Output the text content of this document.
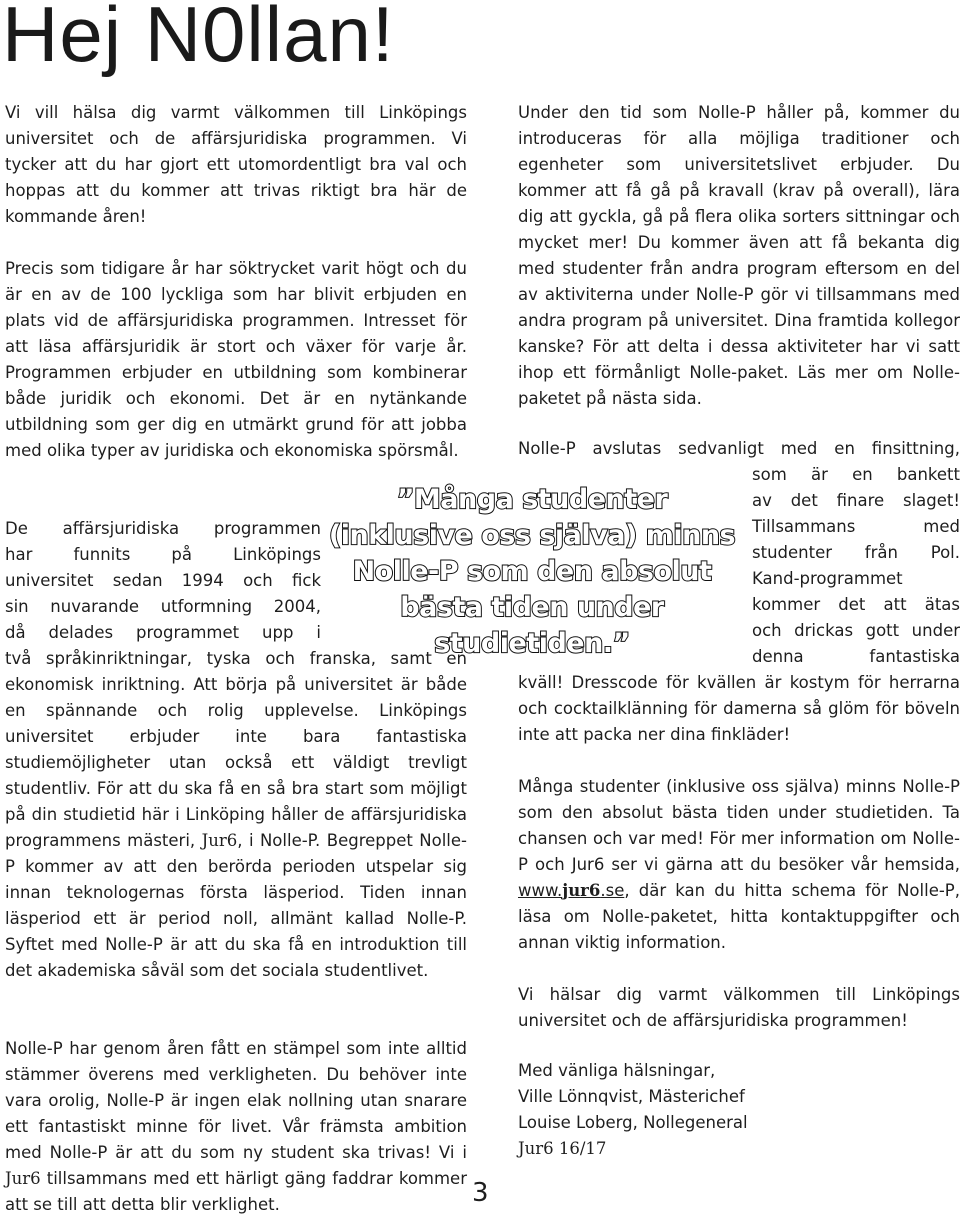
Hej N0llan!

Vi vill hälsa dig varmt välkommen till Linköpings universitet och de affärsjuridiska programmen. Vi tycker att du har gjort ett utomordentligt bra val och hoppas att du kommer att trivas riktigt bra här de kommande åren!

Precis som tidigare år har söktrycket varit högt och du är en av de 100 lyckliga som har blivit erbjuden en plats vid de affärsjuridiska programmen. Intresset för att läsa affärsjuridik är stort och växer för varje år. Programmen erbjuder en utbildning som kombinerar både juridik och ekonomi. Det är en nytänkande utbildning som ger dig en utmärkt grund för att jobba med olika typer av juridiska och ekonomiska spörsmål.

De affärsjuridiska programmen
har funnits på Linköpings
universitet sedan 1994 och fick
sin nuvarande utformning 2004,
då delades programmet upp i

två språkinriktningar, tyska och franska, samt en ekonomisk inriktning. Att börja på universitet är både en spännande och rolig upplevelse. Linköpings universitet erbjuder inte bara fantastiska studiemöjligheter utan också ett väldigt trevligt studentliv. För att du ska få en så bra start som möjligt på din studietid här i Linköping håller de affärsjuridiska programmens mästeri, Jur6, i Nolle-P. Begreppet Nolle-P kommer av att den berörda perioden utspelar sig innan teknologernas första läsperiod. Tiden innan läsperiod ett är period noll, allmänt kallad Nolle-P. Syftet med Nolle-P är att du ska få en introduktion till det akademiska såväl som det sociala studentlivet.

Nolle-P har genom åren fått en stämpel som inte alltid stämmer överens med verkligheten. Du behöver inte vara orolig, Nolle-P är ingen elak nollning utan snarare ett fantastiskt minne för livet. Vår främsta ambition med Nolle-P är att du som ny student ska trivas! Vi i Jur6 tillsammans med ett härligt gäng faddrar kommer att se till att detta blir verklighet.	3
”Många studenter (inklusive oss själva) minns Nolle-P som den absolut bästa tiden under studietiden.”

Under den tid som Nolle-P håller på, kommer du introduceras för alla möjliga traditioner och egenheter som universitetslivet erbjuder. Du kommer att få gå på kravall (krav på overall), lära dig att gyckla, gå på flera olika sorters sittningar och mycket mer! Du kommer även att få bekanta dig med studenter från andra program eftersom en del av aktiviterna under Nolle-P gör vi tillsammans med andra program på universitet. Dina framtida kollegor kanske? För att delta i dessa aktiviteter har vi satt ihop ett förmånligt Nolle-paket. Läs mer om Nolle-paketet på nästa sida.

Nolle-P avslutas sedvanligt med en finsittning,

som är en bankett
av det finare slaget!
Tillsammans med
studenter från Pol.
Kand-programmet
kommer det att ätas
och drickas gott under
denna fantastiska

kväll! Dresscode för kvällen är kostym för herrarna och cocktailklänning för damerna så glöm för böveln inte att packa ner dina finkläder!

Många studenter (inklusive oss själva) minns Nolle-P som den absolut bästa tiden under studietiden. Ta chansen och var med! För mer information om Nolle-P och Jur6 ser vi gärna att du besöker vår hemsida, www.jur6.se, där kan du hitta schema för Nolle-P, läsa om Nolle-paketet, hitta kontaktuppgifter och annan viktig information.

Vi hälsar dig varmt välkommen till Linköpings universitet och de affärsjuridiska programmen!

Med vänliga hälsningar,
Ville Lönnqvist, Mästerichef
Louise Loberg, Nollegeneral
Jur6 16/17
